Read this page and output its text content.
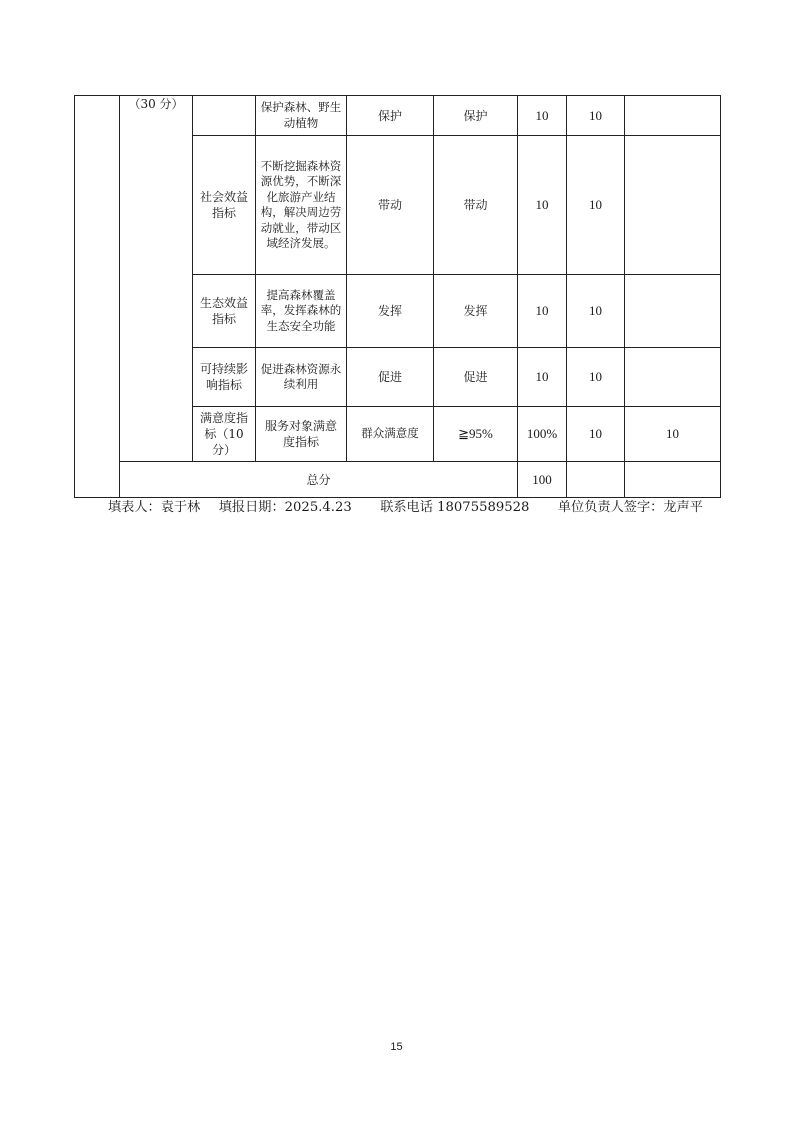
	（30 分）		保护森林、野生动植物	保护	保护	10	10		
		社会效益指标	不断挖掘森林资源优势，不断深化旅游产业结构，解决周边劳动就业，带动区域经济发展。	带动	带动	10	10		
		生态效益指标	提高森林覆盖率，发挥森林的生态安全功能	发挥	发挥	10	10		
		可持续影响指标	促进森林资源永续利用	促进	促进	10	10		
		满意度指标（10 分）	服务对象满意度指标	群众满意度	≧95%	100%	10	10	
	总分					100			
填表人：袁于林 填报日期：2025.4.23 联系电话 18075589528 单位负责人签字：龙声平
15
